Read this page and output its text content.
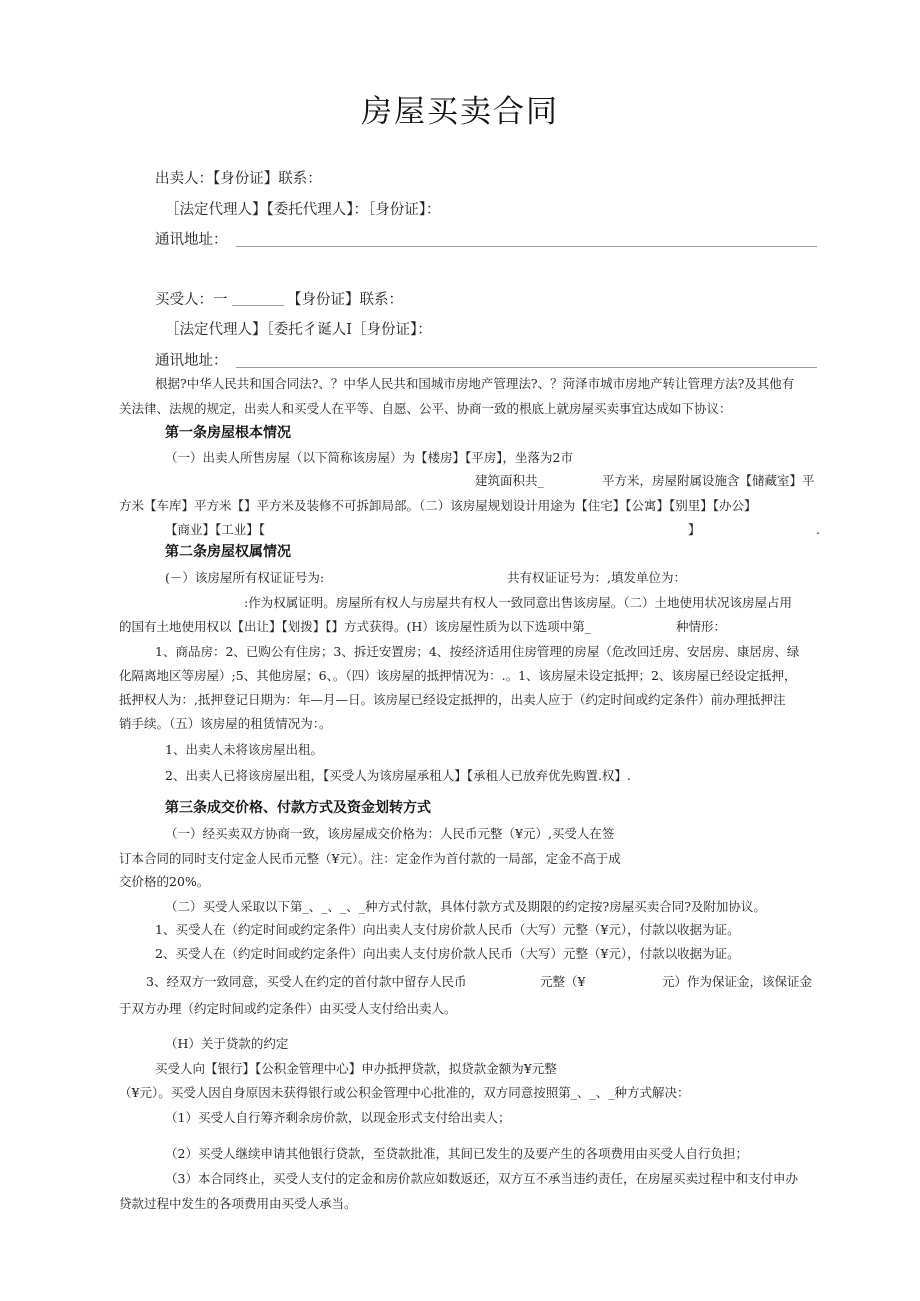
房屋买卖合同
出卖人：【身份证】联系：
［法定代理人】【委托代理人】：［身份证】：
通讯地址：
买受人：一	【身份证】联系：
［法定代理人】［委托彳诞人Ⅰ［身份证】：
通讯地址：
根据?中华人民共和国合同法?、？中华人民共和国城市房地产管理法?、？菏泽市城市房地产转让管理方法?及其他有
关法律、法规的规定，出卖人和买受人在平等、自愿、公平、协商一致的根底上就房屋买卖事宜达成如下协议：
第一条房屋根本情况
（一）出卖人所售房屋（以下简称该房屋）为【楼房】【平房】，坐落为2市
建筑面积共_	平方米，房屋附属设施含【储藏室】平
方米【车库】平方米【】平方米及装修不可拆卸局部。（二）该房屋规划设计用途为【住宅】【公寓】【别里】【办公】
【商业】【工业】【	】	.
第二条房屋权属情况
(－）该房屋所有权证证号为:	共有权证证号为：,填发单位为：
:作为权属证明。房屋所有权人与房屋共有权人一致同意出售该房屋。（二）土地使用状况该房屋占用
的国有土地使用权以【出让】【划拨】【】方式获得。(H）该房屋性质为以下选项中第_	种情形：
1、商品房：2、已购公有住房；3、拆迁安置房；4、按经济适用住房管理的房屋（危改回迁房、安居房、康居房、绿
化隔离地区等房屋）;5、其他房屋；6、。（四）该房屋的抵押情况为：.。1、该房屋未设定抵押；2、该房屋已经设定抵押，
抵押权人为：,抵押登记日期为：年—月—日。该房屋已经设定抵押的，出卖人应于（约定时间或约定条件）前办理抵押注
销手续。（五）该房屋的租赁情况为：。
1、出卖人未将该房屋出租。
2、出卖人已将该房屋出租，【买受人为该房屋承租人】【承租人已放弃优先购置.权】.
第三条成交价格、付款方式及资金划转方式
（一）经买卖双方协商一致，该房屋成交价格为：人民币元整（¥元）,买受人在签
订本合同的同时支付定金人民币元整（¥元）。注：定金作为首付款的一局部，定金不高于成
交价格的20%。
（二）买受人采取以下第_、_、_、_种方式付款，具体付款方式及期限的约定按?房屋买卖合同?及附加协议。
1、买受人在（约定时间或约定条件）向出卖人支付房价款人民币（大写）元整（¥元），付款以收据为证。
2、买受人在（约定时间或约定条件）向出卖人支付房价款人民币（大写）元整（¥元），付款以收据为证。
3、经双方一致同意，买受人在约定的首付款中留存人民币	元整（¥	元）作为保证金，该保证金
于双方办理（约定时间或约定条件）由买受人支付给出卖人。
（H）关于贷款的约定
买受人向【银行】【公积金管理中心】申办抵押贷款，拟贷款金额为¥元整
（¥元）。买受人因自身原因未获得银行或公积金管理中心批准的，双方同意按照第_、_、_种方式解决：
（1）买受人自行筹齐剩余房价款，以现金形式支付给出卖人；
（2）买受人继续申请其他银行贷款，至贷款批准，其间已发生的及要产生的各项费用由买受人自行负担；
（3）本合同终止，买受人支付的定金和房价款应如数返还，双方互不承当违约责任，在房屋买卖过程中和支付申办
贷款过程中发生的各项费用由买受人承当。
